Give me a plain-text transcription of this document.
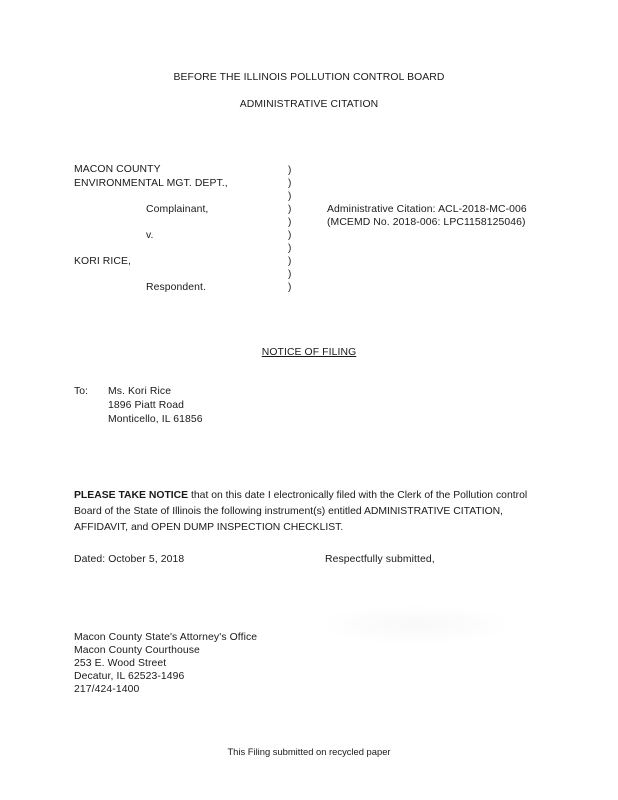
BEFORE THE ILLINOIS POLLUTION CONTROL BOARD
ADMINISTRATIVE CITATION
MACON COUNTY
ENVIRONMENTAL MGT. DEPT.,
Complainant,
v.
KORI RICE,
Respondent.
)
)
)
)
)
)
)
)
)
)
Administrative Citation: ACL-2018-MC-006
(MCEMD No. 2018-006: LPC1158125046)
NOTICE OF FILING
To: Ms. Kori Rice
1896 Piatt Road
Monticello, IL 61856
PLEASE TAKE NOTICE that on this date I electronically filed with the Clerk of the Pollution control Board of the State of Illinois the following instrument(s) entitled ADMINISTRATIVE CITATION, AFFIDAVIT, and OPEN DUMP INSPECTION CHECKLIST.
Dated: October 5, 2018	Respectfully submitted,
Macon County State's Attorney's Office
Macon County Courthouse
253 E. Wood Street
Decatur, IL 62523-1496
217/424-1400
This Filing submitted on recycled paper
